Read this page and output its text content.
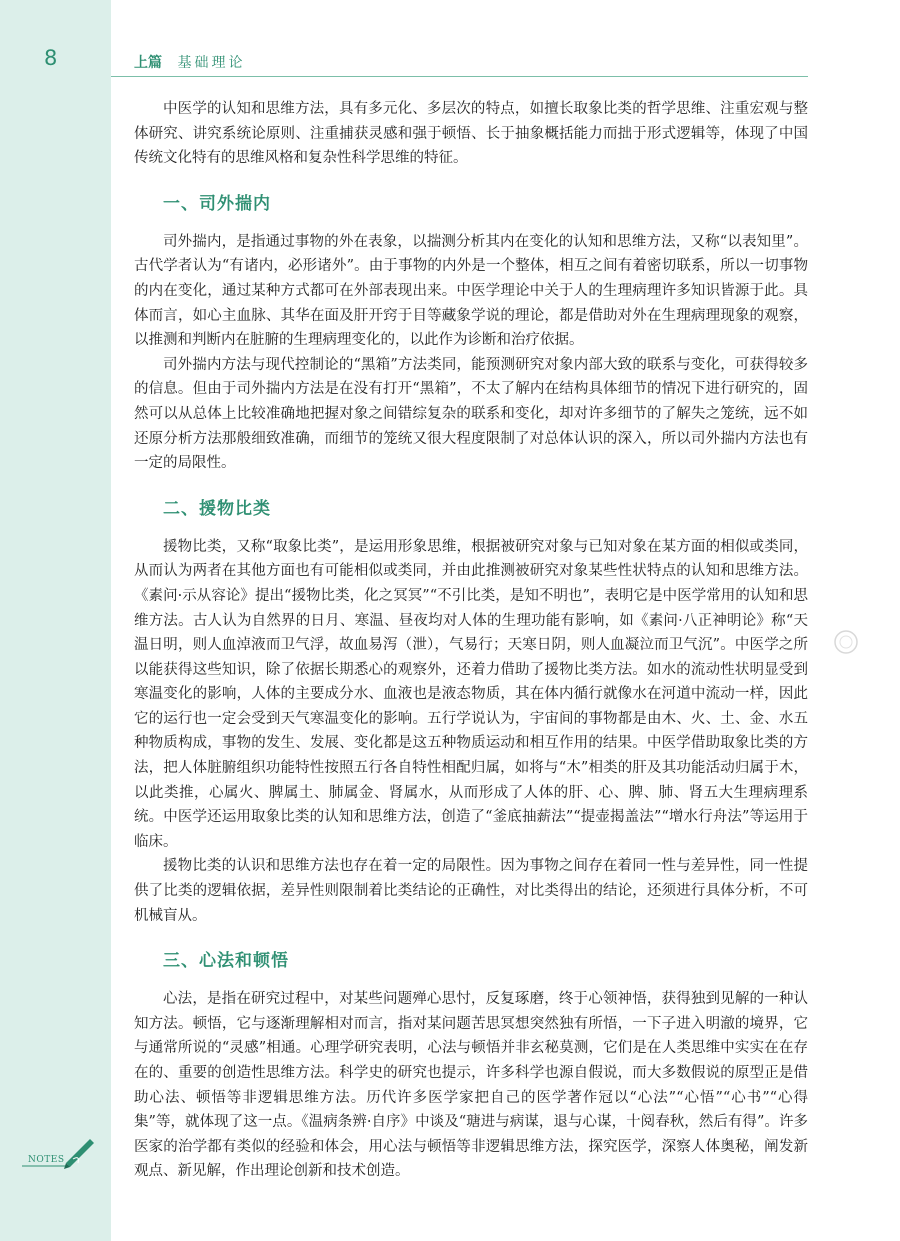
8	上篇 基础理论

中医学的认知和思维方法，具有多元化、多层次的特点，如擅长取象比类的哲学思维、注重宏观与整体研究、讲究系统论原则、注重捕获灵感和强于顿悟、长于抽象概括能力而拙于形式逻辑等，体现了中国传统文化特有的思维风格和复杂性科学思维的特征。

一、司外揣内

司外揣内，是指通过事物的外在表象，以揣测分析其内在变化的认知和思维方法，又称“以表知里”。古代学者认为“有诸内，必形诸外”。由于事物的内外是一个整体，相互之间有着密切联系，所以一切事物的内在变化，通过某种方式都可在外部表现出来。中医学理论中关于人的生理病理许多知识皆源于此。具体而言，如心主血脉、其华在面及肝开窍于目等藏象学说的理论，都是借助对外在生理病理现象的观察，以推测和判断内在脏腑的生理病理变化的，以此作为诊断和治疗依据。

司外揣内方法与现代控制论的“黑箱”方法类同，能预测研究对象内部大致的联系与变化，可获得较多的信息。但由于司外揣内方法是在没有打开“黑箱”，不太了解内在结构具体细节的情况下进行研究的，固然可以从总体上比较准确地把握对象之间错综复杂的联系和变化，却对许多细节的了解失之笼统，远不如还原分析方法那般细致准确，而细节的笼统又很大程度限制了对总体认识的深入，所以司外揣内方法也有一定的局限性。

二、援物比类

援物比类，又称“取象比类”，是运用形象思维，根据被研究对象与已知对象在某方面的相似或类同，从而认为两者在其他方面也有可能相似或类同，并由此推测被研究对象某些性状特点的认知和思维方法。《素问·示从容论》提出“援物比类，化之冥冥”“不引比类，是知不明也”，表明它是中医学常用的认知和思维方法。古人认为自然界的日月、寒温、昼夜均对人体的生理功能有影响，如《素问·八正神明论》称“天温日明，则人血淖液而卫气浮，故血易泻（泄），气易行；天寒日阴，则人血凝泣而卫气沉”。中医学之所以能获得这些知识，除了依据长期悉心的观察外，还着力借助了援物比类方法。如水的流动性状明显受到寒温变化的影响，人体的主要成分水、血液也是液态物质，其在体内循行就像水在河道中流动一样，因此它的运行也一定会受到天气寒温变化的影响。五行学说认为，宇宙间的事物都是由木、火、土、金、水五种物质构成，事物的发生、发展、变化都是这五种物质运动和相互作用的结果。中医学借助取象比类的方法，把人体脏腑组织功能特性按照五行各自特性相配归属，如将与“木”相类的肝及其功能活动归属于木，以此类推，心属火、脾属土、肺属金、肾属水，从而形成了人体的肝、心、脾、肺、肾五大生理病理系统。中医学还运用取象比类的认知和思维方法，创造了“釜底抽薪法”“提壶揭盖法”“增水行舟法”等运用于临床。

援物比类的认识和思维方法也存在着一定的局限性。因为事物之间存在着同一性与差异性，同一性提供了比类的逻辑依据，差异性则限制着比类结论的正确性，对比类得出的结论，还须进行具体分析，不可机械盲从。

三、心法和顿悟

心法，是指在研究过程中，对某些问题殚心思忖，反复琢磨，终于心领神悟，获得独到见解的一种认知方法。顿悟，它与逐渐理解相对而言，指对某问题苦思冥想突然独有所悟，一下子进入明澈的境界，它与通常所说的“灵感”相通。心理学研究表明，心法与顿悟并非玄秘莫测，它们是在人类思维中实实在在存在的、重要的创造性思维方法。科学史的研究也提示，许多科学也源自假说，而大多数假说的原型正是借助心法、顿悟等非逻辑思维方法。历代许多医学家把自己的医学著作冠以“心法”“心悟”“心书”“心得集”等，就体现了这一点。《温病条辨·自序》中谈及“瑭进与病谋，退与心谋，十阅春秋，然后有得”。许多医家的治学都有类似的经验和体会，用心法与顿悟等非逻辑思维方法，探究医学，深察人体奥秘，阐发新观点、新见解，作出理论创新和技术创造。

NOTES
